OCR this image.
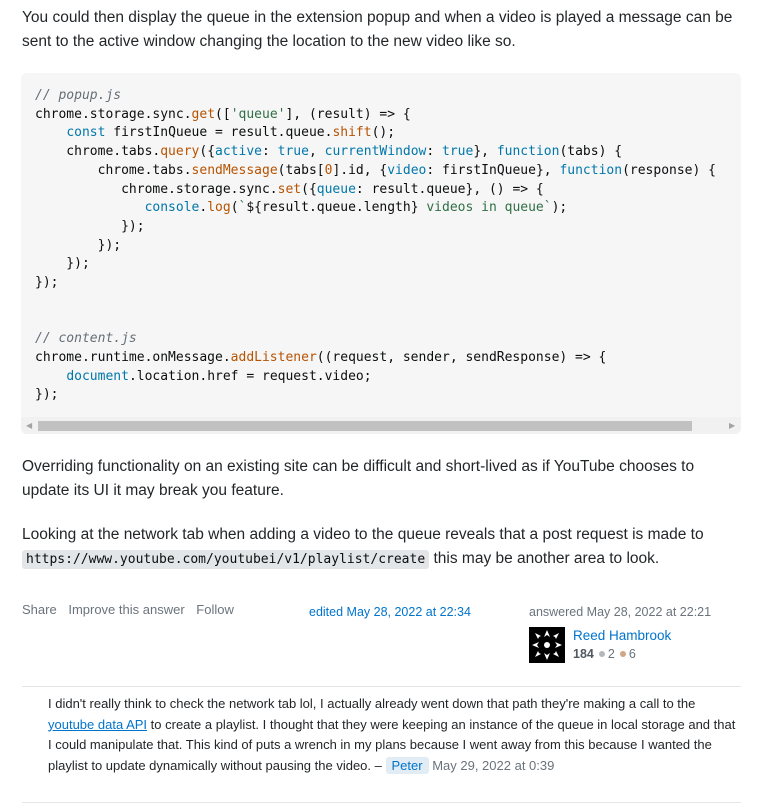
You could then display the queue in the extension popup and when a video is played a message can be sent to the active window changing the location to the new video like so.

// popup.js
chrome.storage.sync.get(['queue'], (result) => {
const firstInQueue = result.queue.shift();
chrome.tabs.query({active: true, currentWindow: true}, function(tabs) {
chrome.tabs.sendMessage(tabs[0].id, {video: firstInQueue}, function(response) {
chrome.storage.sync.set({queue: result.queue}, () => {
console.log(`${result.queue.length} videos in queue`);
});
});
});
});

// content.js
chrome.runtime.onMessage.addListener((request, sender, sendResponse) => {
document.location.href = request.video;
});
◀	▶

Overriding functionality on an existing site can be difficult and short-lived as if YouTube chooses to update its UI it may break you feature.

Looking at the network tab when adding a video to the queue reveals that a post request is made to https://www.youtube.com/youtubei/v1/playlist/create this may be another area to look.

Share Improve this answer Follow	edited May 28, 2022 at 22:34	answered May 28, 2022 at 22:21
Reed Hambrook
184 2 6
I didn't really think to check the network tab lol, I actually already went down that path they're making a call to the youtube data API to create a playlist. I thought that they were keeping an instance of the queue in local storage and that I could manipulate that. This kind of puts a wrench in my plans because I went away from this because I wanted the playlist to update dynamically without pausing the video. – Peter May 29, 2022 at 0:39
